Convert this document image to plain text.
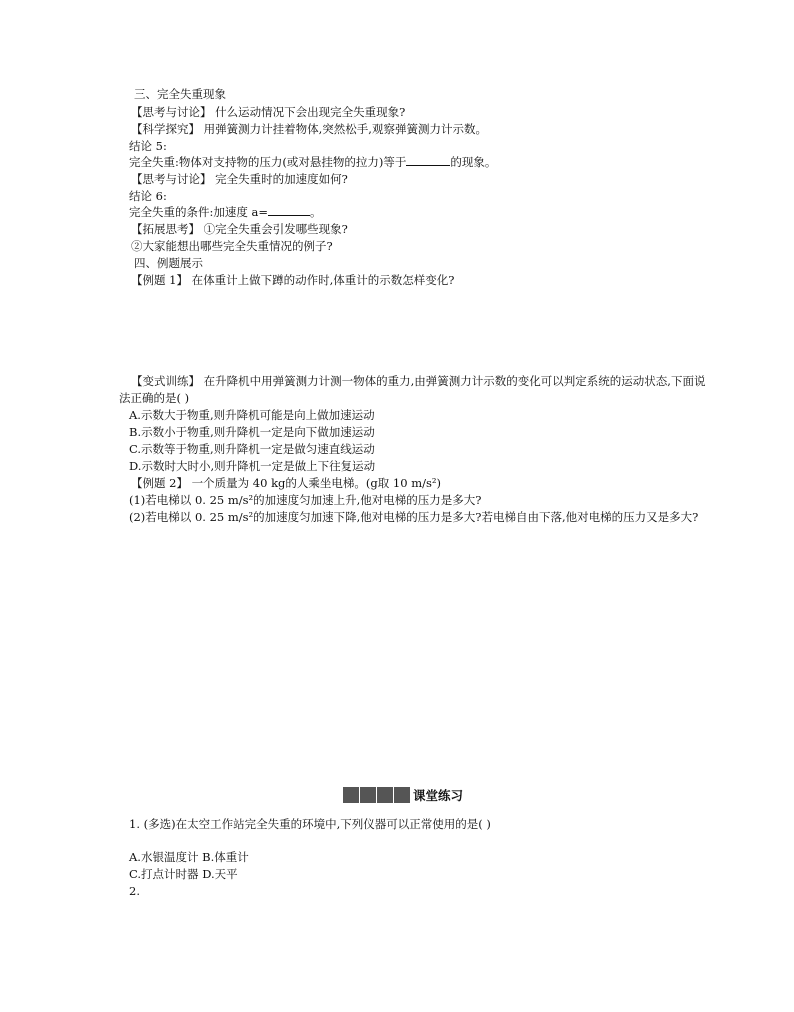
三、完全失重现象
【思考与讨论】 什么运动情况下会出现完全失重现象?
【科学探究】 用弹簧测力计挂着物体,突然松手,观察弹簧测力计示数。
结论 5:
完全失重:物体对支持物的压力(或对悬挂物的拉力)等于	的现象。
【思考与讨论】 完全失重时的加速度如何?
结论 6:
完全失重的条件:加速度 a=	。
【拓展思考】 ①完全失重会引发哪些现象?
②大家能想出哪些完全失重情况的例子?
四、例题展示
【例题 1】 在体重计上做下蹲的动作时,体重计的示数怎样变化?
【变式训练】 在升降机中用弹簧测力计测一物体的重力,由弹簧测力计示数的变化可以判定系统的运动状态,下面说
法正确的是( )
A.示数大于物重,则升降机可能是向上做加速运动
B.示数小于物重,则升降机一定是向下做加速运动
C.示数等于物重,则升降机一定是做匀速直线运动
D.示数时大时小,则升降机一定是做上下往复运动
【例题 2】 一个质量为 40 kg的人乘坐电梯。(g取 10 m/s²)
(1)若电梯以 0. 25 m/s²的加速度匀加速上升,他对电梯的压力是多大?
(2)若电梯以 0. 25 m/s²的加速度匀加速下降,他对电梯的压力是多大?若电梯自由下落,他对电梯的压力又是多大?
课堂练习
1. (多选)在太空工作站完全失重的环境中,下列仪器可以正常使用的是( )
A.水银温度计 B.体重计
C.打点计时器 D.天平
2.
